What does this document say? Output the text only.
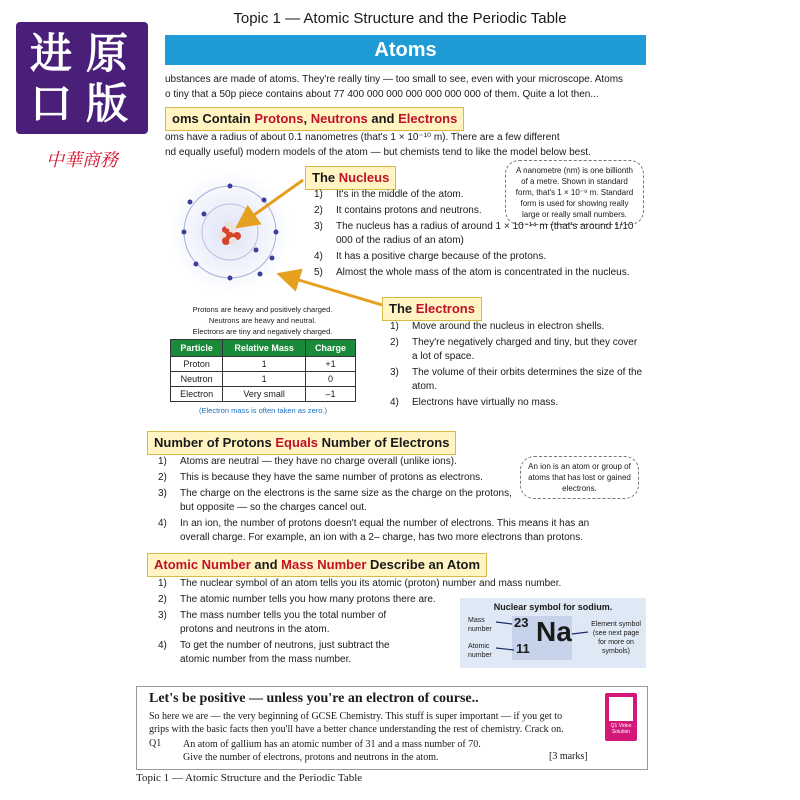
Topic 1 — Atomic Structure and the Periodic Table
进 原
口 版
中華商務
Atoms
ubstances are made of atoms. They're really tiny — too small to see, even with your microscope. Atoms
o tiny that a 50p piece contains about 77 400 000 000 000 000 000 000 of them. Quite a lot then...
oms Contain Protons, Neutrons and Electrons
oms have a radius of about 0.1 nanometres (that's 1 × 10⁻¹⁰ m). There are a few different
nd equally useful) modern models of the atom — but chemists tend to like the model below best.
A nanometre (nm) is one billionth of a metre. Shown in standard form, that's 1 × 10⁻⁹ m. Standard form is used for showing really large or really small numbers.
The Nucleus
1) It's in the middle of the atom.
2) It contains protons and neutrons.
3) The nucleus has a radius of around 1 × 10⁻¹⁴ m (that's around 1/10 000 of the radius of an atom)
4) It has a positive charge because of the protons.
5) Almost the whole mass of the atom is concentrated in the nucleus.
The Electrons
1) Move around the nucleus in electron shells.
2) They're negatively charged and tiny, but they cover a lot of space.
3) The volume of their orbits determines the size of the atom.
4) Electrons have virtually no mass.
Protons are heavy and positively charged.
Neutrons are heavy and neutral.
Electrons are tiny and negatively charged.
Particle	Relative Mass	Charge
Proton	1	+1
Neutron	1	0
Electron	Very small	–1
(Electron mass is often taken as zero.)
Number of Protons Equals Number of Electrons
1) Atoms are neutral — they have no charge overall (unlike ions).
2) This is because they have the same number of protons as electrons.
3) The charge on the electrons is the same size as the charge on the protons, but opposite — so the charges cancel out.
4) In an ion, the number of protons doesn't equal the number of electrons. This means it has an overall charge. For example, an ion with a 2– charge, has two more electrons than protons.
An ion is an atom or group of atoms that has lost or gained electrons.
Atomic Number and Mass Number Describe an Atom
1) The nuclear symbol of an atom tells you its atomic (proton) number and mass number.
2) The atomic number tells you how many protons there are.
3) The mass number tells you the total number of protons and neutrons in the atom.
4) To get the number of neutrons, just subtract the atomic number from the mass number.
Nuclear symbol for sodium.
Mass number
Atomic number
23
11
Na	Element symbol (see next page for more on symbols)
Let's be positive — unless you're an electron of course..
So here we are — the very beginning of GCSE Chemistry. This stuff is super important — if you get to
grips with the basic facts then you'll have a better chance understanding the rest of chemistry. Crack on.
Q1 An atom of gallium has an atomic number of 31 and a mass number of 70.
Give the number of electrons, protons and neutrons in the atom.	[3 marks]
Q1 Video Solution
Topic 1 — Atomic Structure and the Periodic Table
